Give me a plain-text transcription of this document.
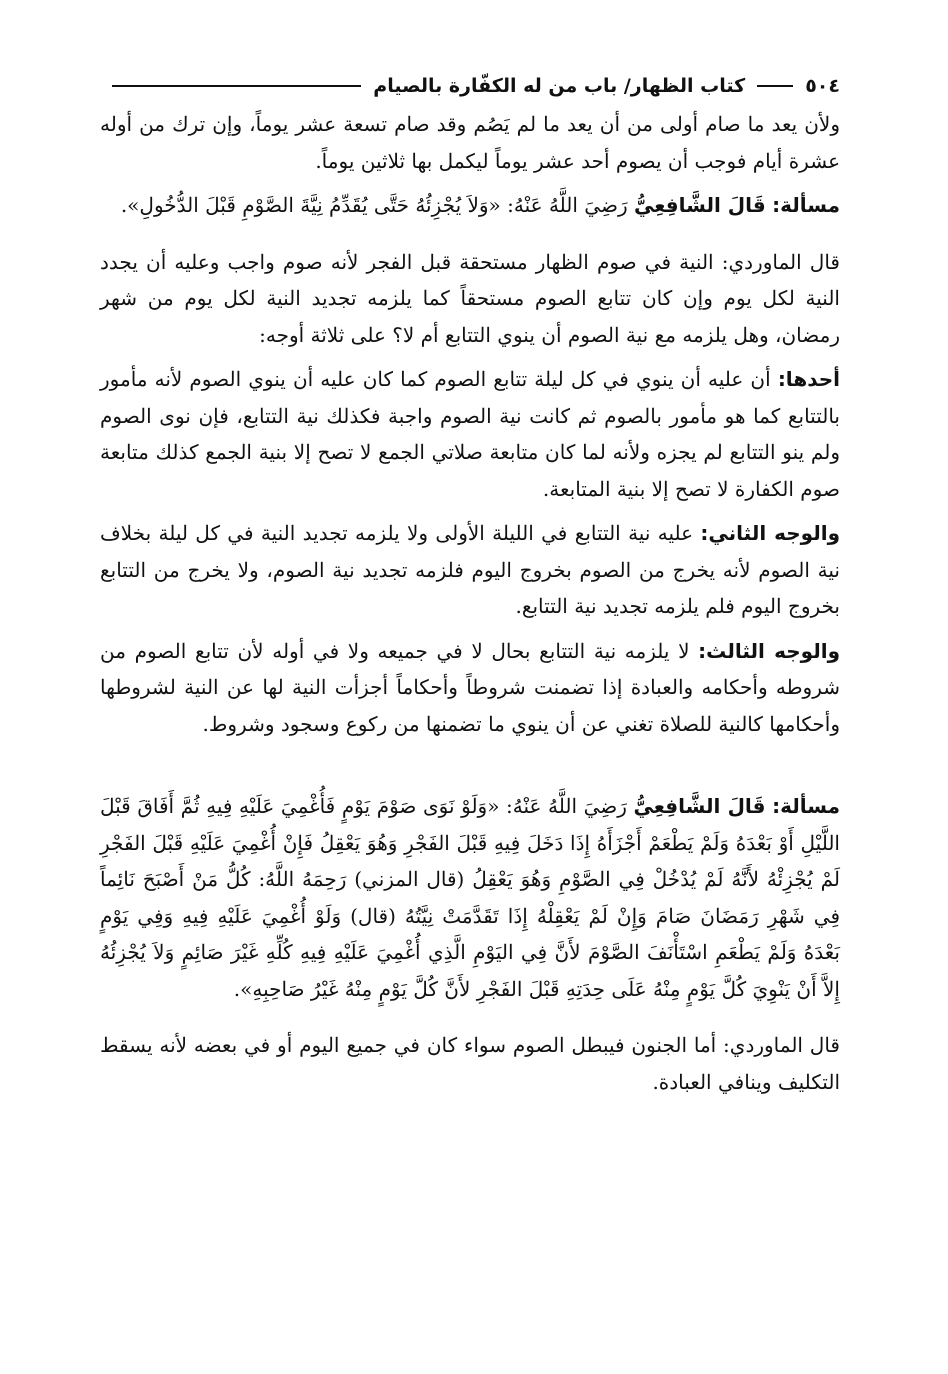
٥٠٤
كتاب الظهار/ باب من له الكفّارة بالصيام

ولأن يعد ما صام أولى من أن يعد ما لم يَصُم وقد صام تسعة عشر يوماً، وإن ترك من أوله عشرة أيام فوجب أن يصوم أحد عشر يوماً ليكمل بها ثلاثين يوماً.

مسألة: قَالَ الشَّافِعِيُّ رَضِيَ اللَّهُ عَنْهُ: «وَلاَ يُجْزِئُهُ حَتَّى يُقَدِّمُ نِيَّةَ الصَّوْمِ قَبْلَ الدُّخُولِ».

قال الماوردي: النية في صوم الظهار مستحقة قبل الفجر لأنه صوم واجب وعليه أن يجدد النية لكل يوم وإن كان تتابع الصوم مستحقاً كما يلزمه تجديد النية لكل يوم من شهر رمضان، وهل يلزمه مع نية الصوم أن ينوي التتابع أم لا؟ على ثلاثة أوجه:

أحدها: أن عليه أن ينوي في كل ليلة تتابع الصوم كما كان عليه أن ينوي الصوم لأنه مأمور بالتتابع كما هو مأمور بالصوم ثم كانت نية الصوم واجبة فكذلك نية التتابع، فإن نوى الصوم ولم ينو التتابع لم يجزه ولأنه لما كان متابعة صلاتي الجمع لا تصح إلا بنية الجمع كذلك متابعة صوم الكفارة لا تصح إلا بنية المتابعة.

والوجه الثاني: عليه نية التتابع في الليلة الأولى ولا يلزمه تجديد النية في كل ليلة بخلاف نية الصوم لأنه يخرج من الصوم بخروج اليوم فلزمه تجديد نية الصوم، ولا يخرج من التتابع بخروج اليوم فلم يلزمه تجديد نية التتابع.

والوجه الثالث: لا يلزمه نية التتابع بحال لا في جميعه ولا في أوله لأن تتابع الصوم من شروطه وأحكامه والعبادة إذا تضمنت شروطاً وأحكاماً أجزأت النية لها عن النية لشروطها وأحكامها كالنية للصلاة تغني عن أن ينوي ما تضمنها من ركوع وسجود وشروط.

مسألة: قَالَ الشَّافِعِيُّ رَضِيَ اللَّهُ عَنْهُ: «وَلَوْ نَوَى صَوْمَ يَوْمٍ فَأُغْمِيَ عَلَيْهِ فِيهِ ثُمَّ أَفَاقَ قَبْلَ اللَّيْلِ أَوْ بَعْدَهُ وَلَمْ يَطْعَمْ أَجْزَأَهُ إِذَا دَخَلَ فِيهِ قَبْلَ الفَجْرِ وَهُوَ يَعْقِلُ فَإِنْ أُغْمِيَ عَلَيْهِ قَبْلَ الفَجْرِ لَمْ يُجْزِئْهُ لأَنَّهُ لَمْ يُدْخُلْ فِي الصَّوْمِ وَهُوَ يَعْقِلُ (قال المزني) رَحِمَهُ اللَّهُ: كُلُّ مَنْ أَصْبَحَ نَائِماً فِي شَهْرِ رَمَضَانَ صَامَ وَإِنْ لَمْ يَعْقِلْهُ إِذَا تَقَدَّمَتْ نِيَّتُهُ (قال) وَلَوْ أُغْمِيَ عَلَيْهِ فِيهِ وَفِي يَوْمٍ بَعْدَهُ وَلَمْ يَطْعَمِ اسْتَأْنَفَ الصَّوْمَ لأَنَّ فِي اليَوْمِ الَّذِي أُغْمِيَ عَلَيْهِ فِيهِ كُلِّهِ غَيْرَ صَائِمٍ وَلاَ يُجْزِئُهُ إِلاَّ أَنْ يَنْوِيَ كُلَّ يَوْمٍ مِنْهُ عَلَى حِدَتِهِ قَبْلَ الفَجْرِ لأَنَّ كُلَّ يَوْمٍ مِنْهُ غَيْرُ صَاحِبِهِ».

قال الماوردي: أما الجنون فيبطل الصوم سواء كان في جميع اليوم أو في بعضه لأنه يسقط التكليف وينافي العبادة.
